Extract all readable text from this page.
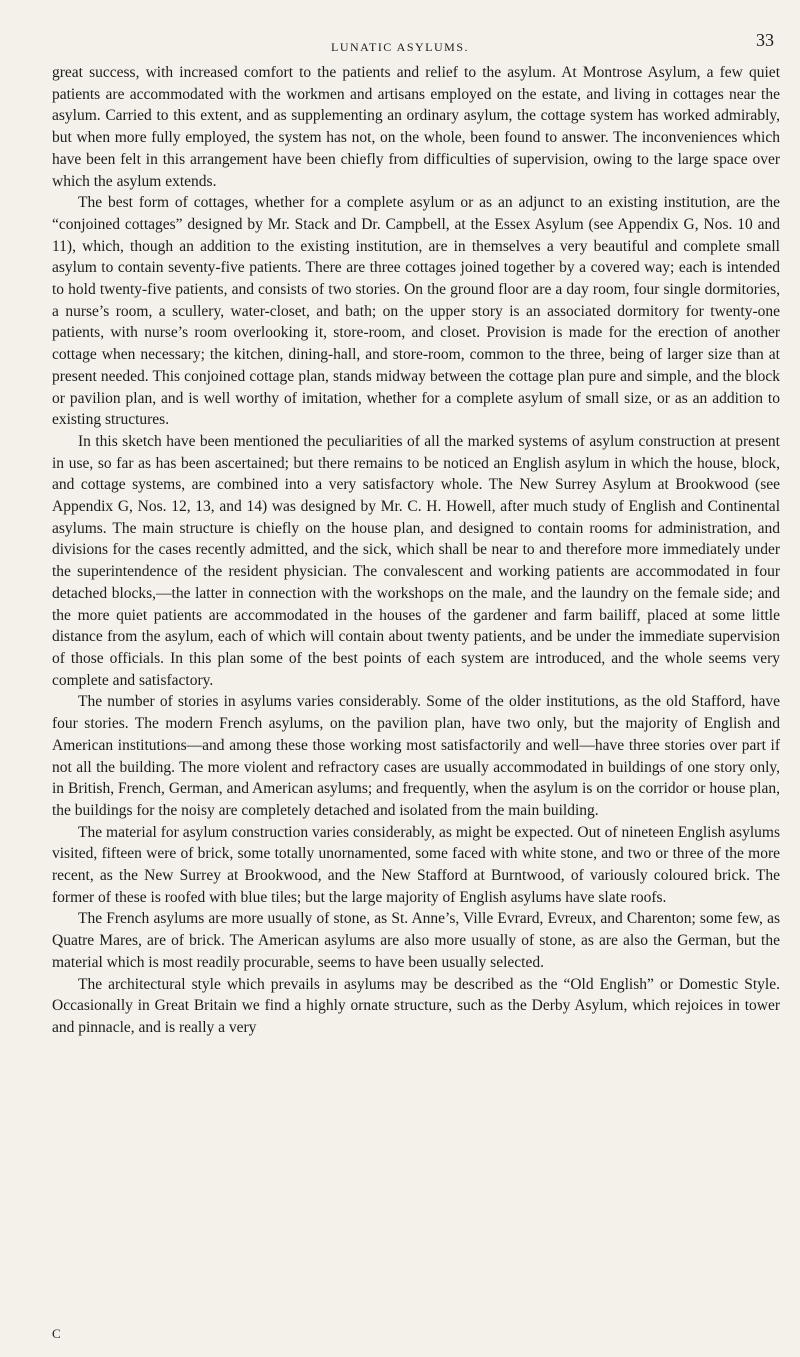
LUNATIC ASYLUMS.	33

great success, with increased comfort to the patients and relief to the asylum. At Montrose Asylum, a few quiet patients are accommodated with the workmen and artisans employed on the estate, and living in cottages near the asylum. Carried to this extent, and as supplementing an ordinary asylum, the cottage system has worked admirably, but when more fully employed, the system has not, on the whole, been found to answer. The inconveniences which have been felt in this arrangement have been chiefly from difficulties of supervision, owing to the large space over which the asylum extends.

The best form of cottages, whether for a complete asylum or as an adjunct to an existing institution, are the “conjoined cottages” designed by Mr. Stack and Dr. Campbell, at the Essex Asylum (see Appendix G, Nos. 10 and 11), which, though an addition to the existing institution, are in themselves a very beautiful and complete small asylum to contain seventy-five patients. There are three cottages joined together by a covered way; each is intended to hold twenty-five patients, and consists of two stories. On the ground floor are a day room, four single dormitories, a nurse’s room, a scullery, water-closet, and bath; on the upper story is an associated dormitory for twenty-one patients, with nurse’s room overlooking it, store-room, and closet. Provision is made for the erection of another cottage when necessary; the kitchen, dining-hall, and store-room, common to the three, being of larger size than at present needed. This conjoined cottage plan, stands midway between the cottage plan pure and simple, and the block or pavilion plan, and is well worthy of imitation, whether for a complete asylum of small size, or as an addition to existing structures.

In this sketch have been mentioned the peculiarities of all the marked systems of asylum construction at present in use, so far as has been ascertained; but there remains to be noticed an English asylum in which the house, block, and cottage systems, are combined into a very satisfactory whole. The New Surrey Asylum at Brookwood (see Appendix G, Nos. 12, 13, and 14) was designed by Mr. C. H. Howell, after much study of English and Continental asylums. The main structure is chiefly on the house plan, and designed to contain rooms for administration, and divisions for the cases recently admitted, and the sick, which shall be near to and therefore more immediately under the superintendence of the resident physician. The convalescent and working patients are accommodated in four detached blocks,—the latter in connection with the workshops on the male, and the laundry on the female side; and the more quiet patients are accommodated in the houses of the gardener and farm bailiff, placed at some little distance from the asylum, each of which will contain about twenty patients, and be under the immediate supervision of those officials. In this plan some of the best points of each system are introduced, and the whole seems very complete and satisfactory.

The number of stories in asylums varies considerably. Some of the older institutions, as the old Stafford, have four stories. The modern French asylums, on the pavilion plan, have two only, but the majority of English and American institutions—and among these those working most satisfactorily and well—have three stories over part if not all the building. The more violent and refractory cases are usually accommodated in buildings of one story only, in British, French, German, and American asylums; and frequently, when the asylum is on the corridor or house plan, the buildings for the noisy are completely detached and isolated from the main building.

The material for asylum construction varies considerably, as might be expected. Out of nineteen English asylums visited, fifteen were of brick, some totally unornamented, some faced with white stone, and two or three of the more recent, as the New Surrey at Brookwood, and the New Stafford at Burntwood, of variously coloured brick. The former of these is roofed with blue tiles; but the large majority of English asylums have slate roofs.

The French asylums are more usually of stone, as St. Anne’s, Ville Evrard, Evreux, and Charenton; some few, as Quatre Mares, are of brick. The American asylums are also more usually of stone, as are also the German, but the material which is most readily procurable, seems to have been usually selected.

The architectural style which prevails in asylums may be described as the “Old English” or Domestic Style. Occasionally in Great Britain we find a highly ornate structure, such as the Derby Asylum, which rejoices in tower and pinnacle, and is really a very

C
